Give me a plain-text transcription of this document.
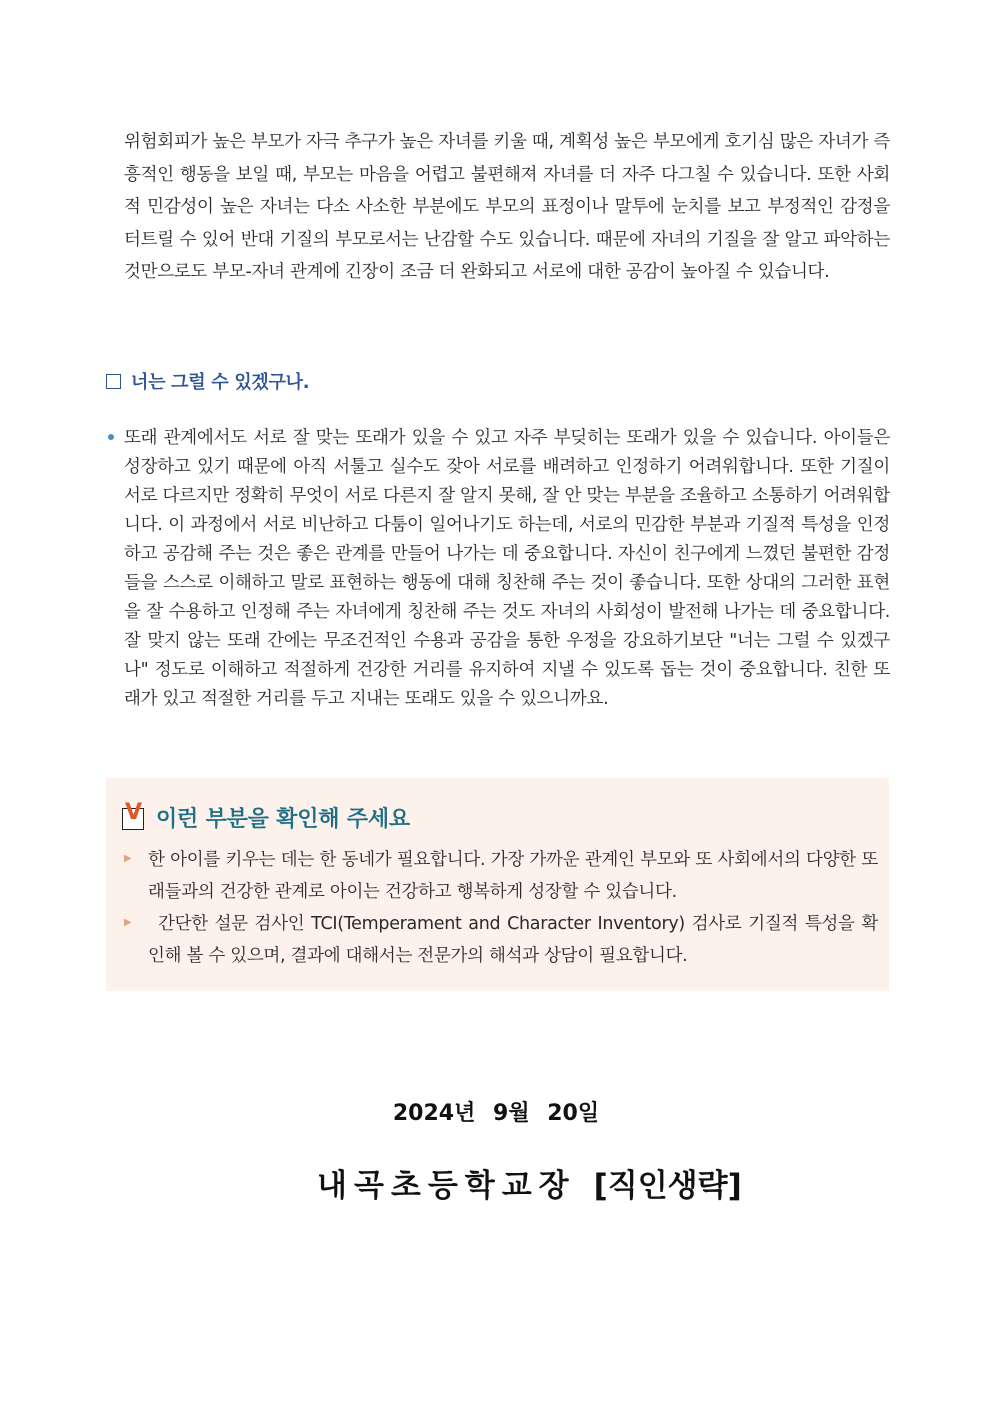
위험회피가 높은 부모가 자극 추구가 높은 자녀를 키울 때, 계획성 높은 부모에게 호기심 많은 자녀가 즉흥적인 행동을 보일 때, 부모는 마음을 어렵고 불편해져 자녀를 더 자주 다그칠 수 있습니다. 또한 사회적 민감성이 높은 자녀는 다소 사소한 부분에도 부모의 표정이나 말투에 눈치를 보고 부정적인 감정을 터트릴 수 있어 반대 기질의 부모로서는 난감할 수도 있습니다. 때문에 자녀의 기질을 잘 알고 파악하는 것만으로도 부모-자녀 관계에 긴장이 조금 더 완화되고 서로에 대한 공감이 높아질 수 있습니다.
너는 그럴 수 있겠구나.
또래 관계에서도 서로 잘 맞는 또래가 있을 수 있고 자주 부딪히는 또래가 있을 수 있습니다. 아이들은 성장하고 있기 때문에 아직 서툴고 실수도 잦아 서로를 배려하고 인정하기 어려워합니다. 또한 기질이 서로 다르지만 정확히 무엇이 서로 다른지 잘 알지 못해, 잘 안 맞는 부분을 조율하고 소통하기 어려워합니다. 이 과정에서 서로 비난하고 다툼이 일어나기도 하는데, 서로의 민감한 부분과 기질적 특성을 인정하고 공감해 주는 것은 좋은 관계를 만들어 나가는 데 중요합니다. 자신이 친구에게 느꼈던 불편한 감정들을 스스로 이해하고 말로 표현하는 행동에 대해 칭찬해 주는 것이 좋습니다. 또한 상대의 그러한 표현을 잘 수용하고 인정해 주는 자녀에게 칭찬해 주는 것도 자녀의 사회성이 발전해 나가는 데 중요합니다. 잘 맞지 않는 또래 간에는 무조건적인 수용과 공감을 통한 우정을 강요하기보단 "너는 그럴 수 있겠구나" 정도로 이해하고 적절하게 건강한 거리를 유지하여 지낼 수 있도록 돕는 것이 중요합니다. 친한 또래가 있고 적절한 거리를 두고 지내는 또래도 있을 수 있으니까요.
V 이런 부분을 확인해 주세요
▶ 한 아이를 키우는 데는 한 동네가 필요합니다. 가장 가까운 관계인 부모와 또 사회에서의 다양한 또래들과의 건강한 관계로 아이는 건강하고 행복하게 성장할 수 있습니다.
▶	간단한 설문 검사인 TCI(Temperament and Character Inventory) 검사로 기질적 특성을 확인해 볼 수 있으며, 결과에 대해서는 전문가의 해석과 상담이 필요합니다.
2024년 9월 20일
내곡초등학교장 [직인생략]
